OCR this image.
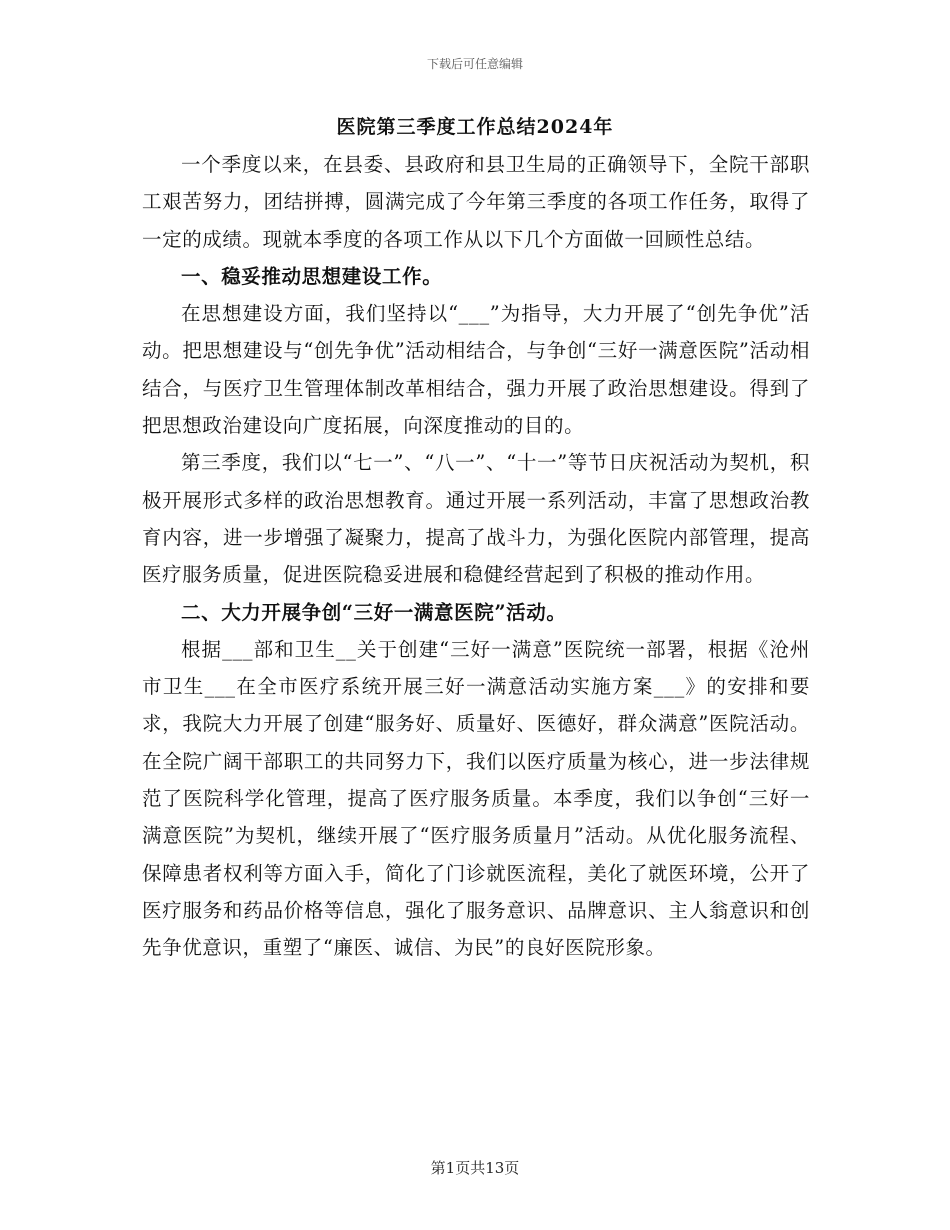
下载后可任意编辑
医院第三季度工作总结2024年

一个季度以来，在县委、县政府和县卫生局的正确领导下，全院干部职工艰苦努力，团结拼搏，圆满完成了今年第三季度的各项工作任务，取得了一定的成绩。现就本季度的各项工作从以下几个方面做一回顾性总结。

一、稳妥推动思想建设工作。

在思想建设方面，我们坚持以“___”为指导，大力开展了“创先争优”活动。把思想建设与“创先争优”活动相结合，与争创“三好一满意医院”活动相结合，与医疗卫生管理体制改革相结合，强力开展了政治思想建设。得到了把思想政治建设向广度拓展，向深度推动的目的。

第三季度，我们以“七一”、“八一”、“十一”等节日庆祝活动为契机，积极开展形式多样的政治思想教育。通过开展一系列活动，丰富了思想政治教育内容，进一步增强了凝聚力，提高了战斗力，为强化医院内部管理，提高医疗服务质量，促进医院稳妥进展和稳健经营起到了积极的推动作用。

二、大力开展争创“三好一满意医院”活动。

根据___部和卫生__关于创建“三好一满意”医院统一部署，根据《沧州市卫生___在全市医疗系统开展三好一满意活动实施方案___》的安排和要求，我院大力开展了创建“服务好、质量好、医德好，群众满意”医院活动。在全院广阔干部职工的共同努力下，我们以医疗质量为核心，进一步法律规范了医院科学化管理，提高了医疗服务质量。本季度，我们以争创“三好一满意医院”为契机，继续开展了“医疗服务质量月”活动。从优化服务流程、保障患者权利等方面入手，简化了门诊就医流程，美化了就医环境，公开了医疗服务和药品价格等信息，强化了服务意识、品牌意识、主人翁意识和创先争优意识，重塑了“廉医、诚信、为民”的良好医院形象。

第1页共13页
